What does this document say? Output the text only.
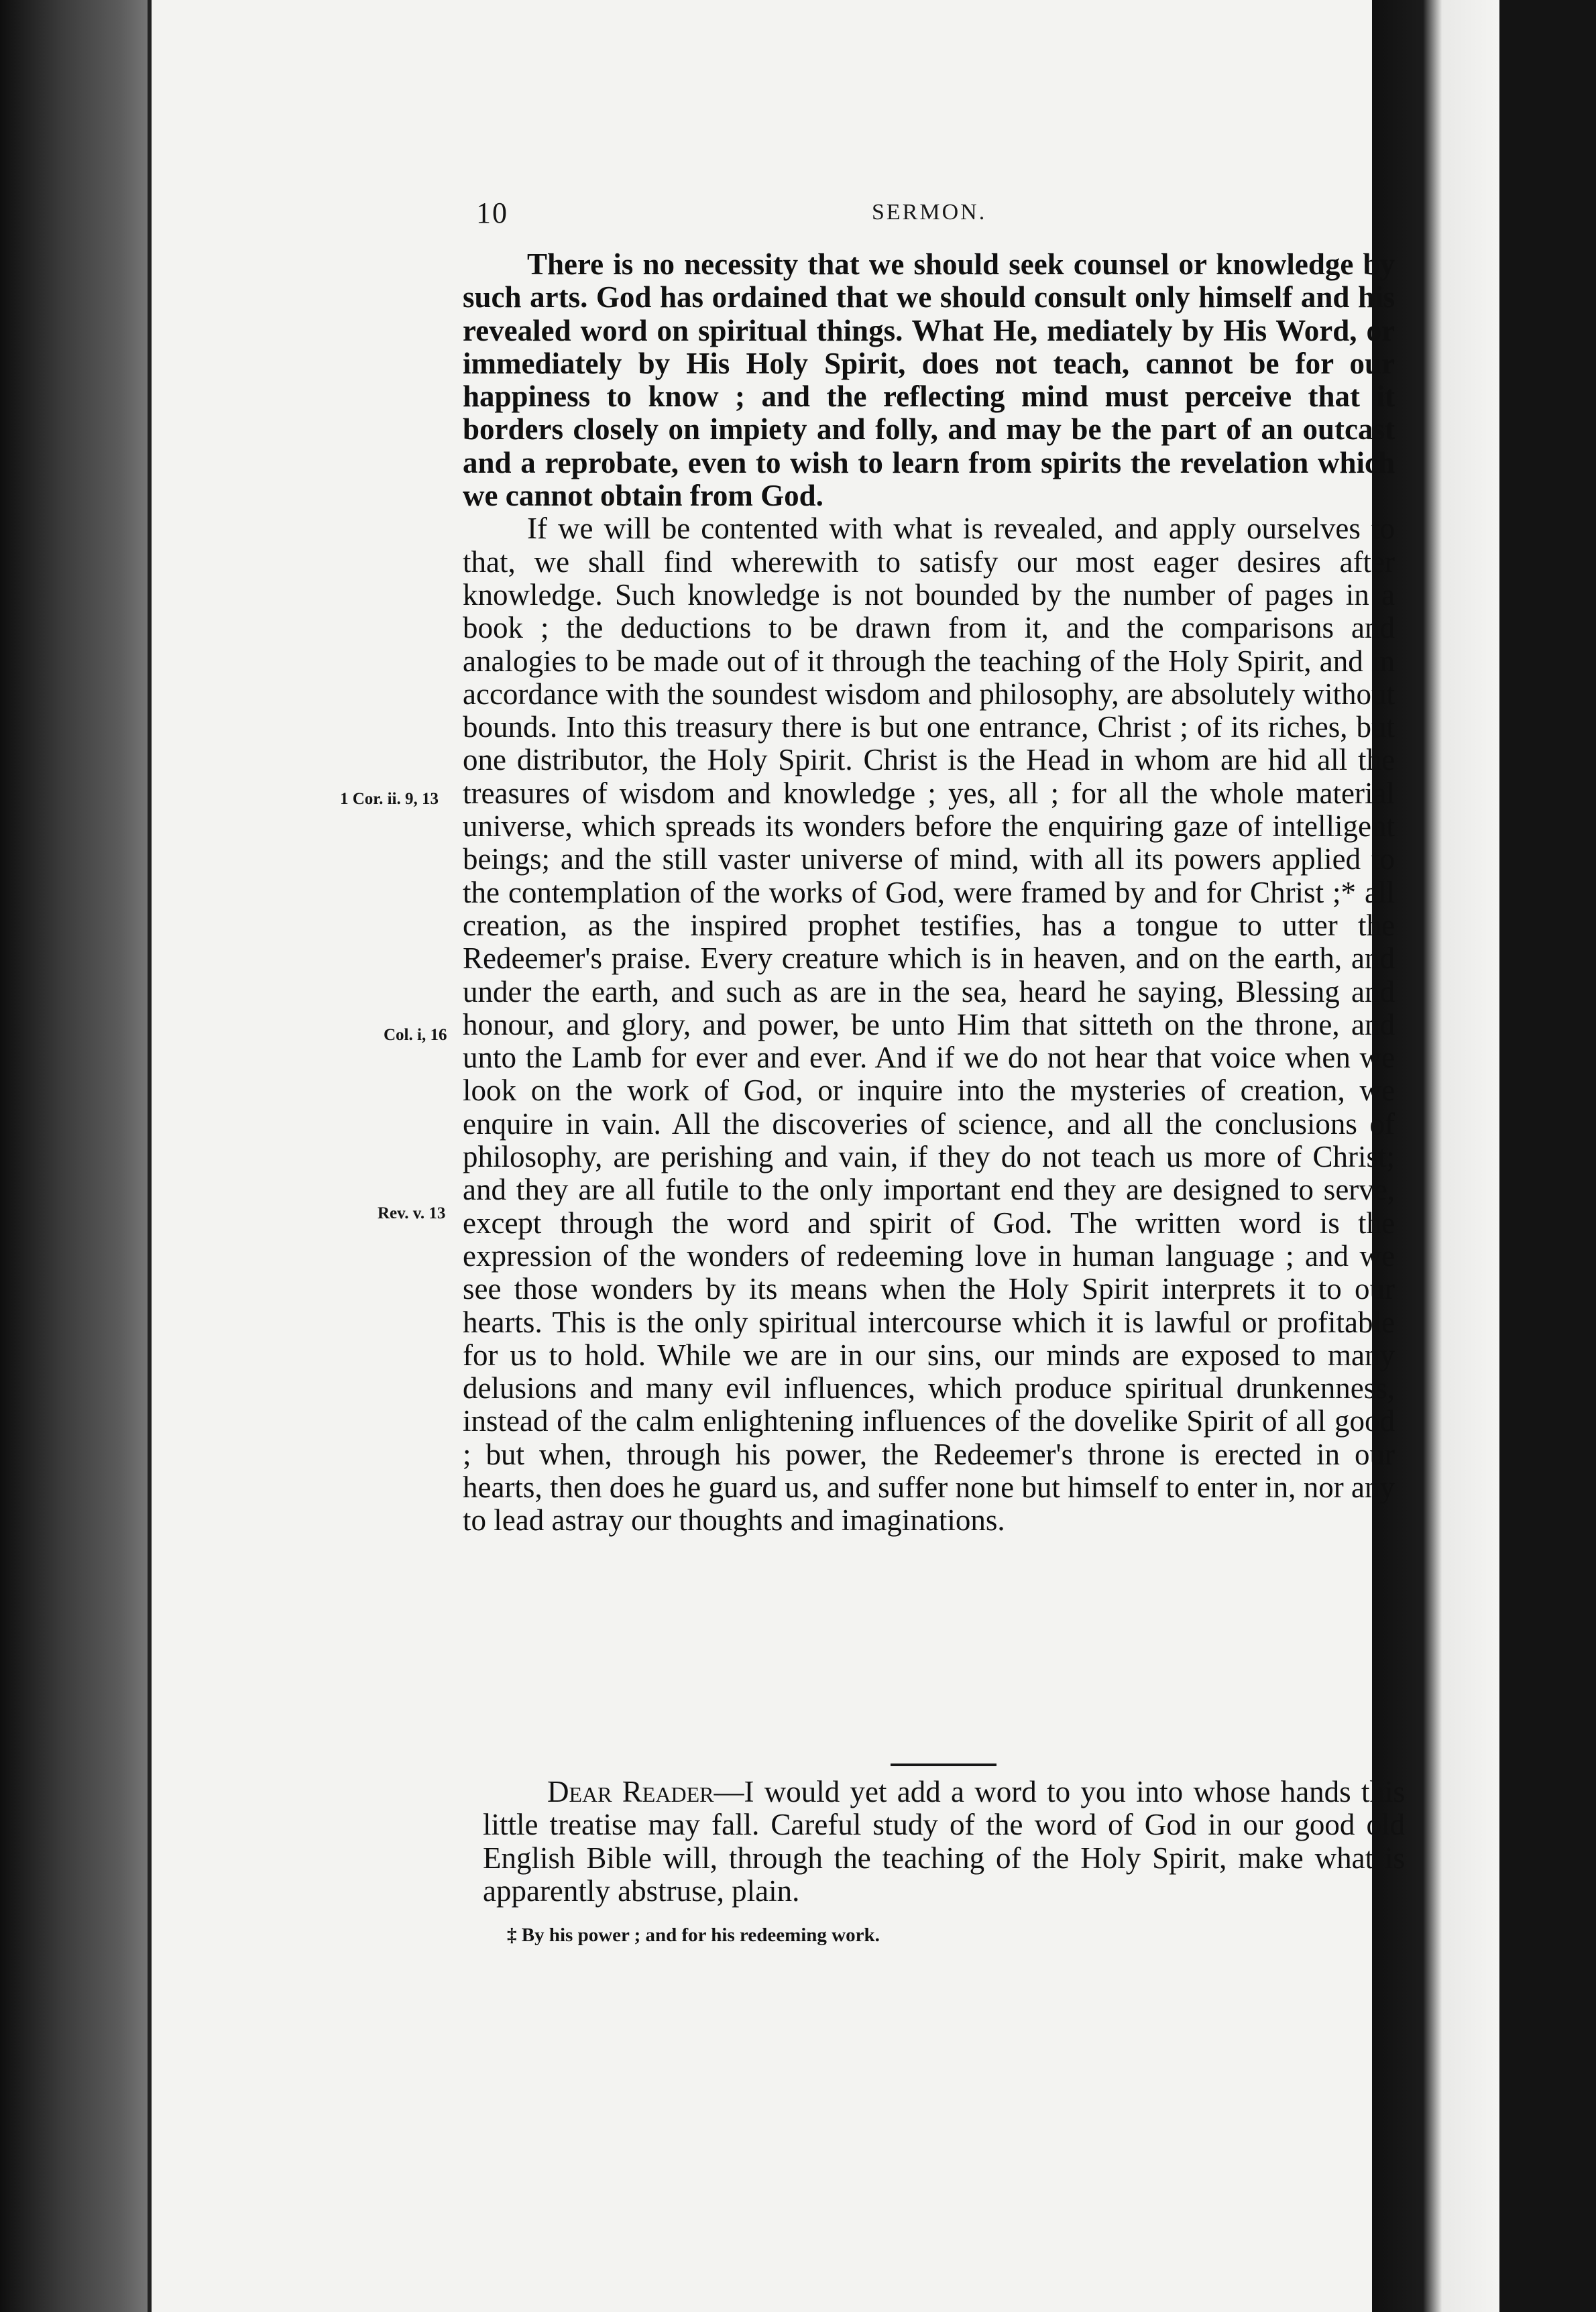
10	SERMON.

There is no necessity that we should seek counsel or knowledge by such arts. God has ordained that we should consult only himself and his revealed word on spiritual things. What He, mediately by His Word, or immediately by His Holy Spirit, does not teach, cannot be for our happiness to know ; and the reflecting mind must perceive that it borders closely on impiety and folly, and may be the part of an outcast and a reprobate, even to wish to learn from spirits the revelation which we cannot obtain from God.

If we will be contented with what is revealed, and apply ourselves to that, we shall find wherewith to satisfy our most eager desires after knowledge. Such knowledge is not bounded by the number of pages in a book ; the deductions to be drawn from it, and the comparisons and analogies to be made out of it through the teaching of the Holy Spirit, and in accordance with the soundest wisdom and philosophy, are absolutely without bounds. Into this treasury there is but one entrance, Christ ; of its riches, but one distributor, the Holy Spirit. Christ is the Head in whom are hid all the treasures of wisdom and knowledge ; yes, all ; for all the whole material universe, which spreads its wonders before the enquiring gaze of intelligent beings; and the still vaster universe of mind, with all its powers applied to the contemplation of the works of God, were framed by and for Christ ;* all creation, as the inspired prophet testifies, has a tongue to utter the Redeemer's praise. Every creature which is in heaven, and on the earth, and under the earth, and such as are in the sea, heard he saying, Blessing and honour, and glory, and power, be unto Him that sitteth on the throne, and unto the Lamb for ever and ever. And if we do not hear that voice when we look on the work of God, or inquire into the mysteries of creation, we enquire in vain. All the discoveries of science, and all the conclusions of philosophy, are perishing and vain, if they do not teach us more of Christ; and they are all futile to the only important end they are designed to serve, except through the word and spirit of God. The written word is the expression of the wonders of redeeming love in human language ; and we see those wonders by its means when the Holy Spirit interprets it to our hearts. This is the only spiritual intercourse which it is lawful or profitable for us to hold. While we are in our sins, our minds are exposed to many delusions and many evil influences, which produce spiritual drunkenness, instead of the calm enlightening influences of the dovelike Spirit of all good ; but when, through his power, the Redeemer's throne is erected in our hearts, then does he guard us, and suffer none but himself to enter in, nor any to lead astray our thoughts and imaginations.

1 Cor. ii. 9, 13
Col. i, 16
Rev. v. 13
Dear Reader—I would yet add a word to you into whose hands this little treatise may fall. Careful study of the word of God in our good old English Bible will, through the teaching of the Holy Spirit, make what is apparently abstruse, plain.
‡ By his power ; and for his redeeming work.
